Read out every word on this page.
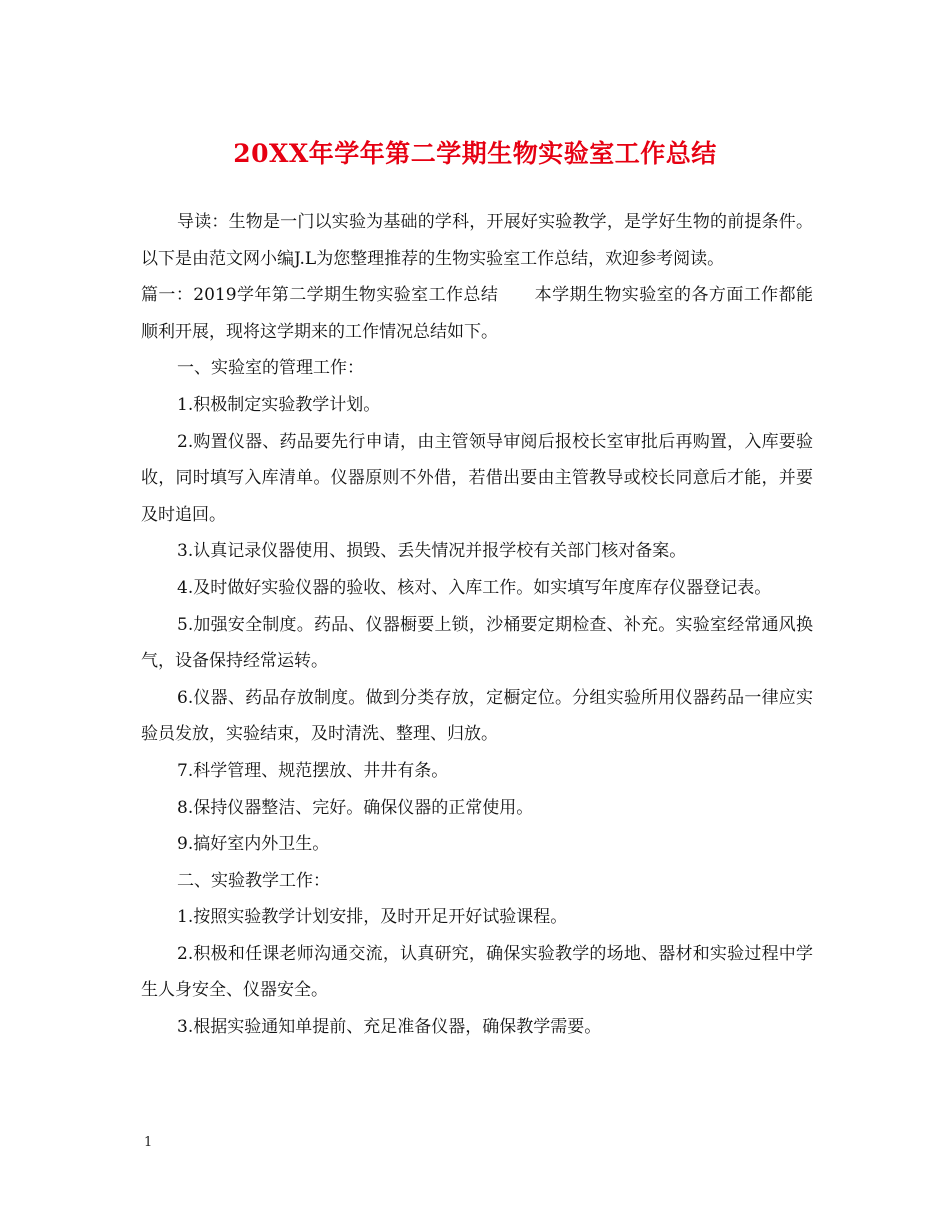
20XX年学年第二学期生物实验室工作总结

导读：生物是一门以实验为基础的学科，开展好实验教学，是学好生物的前提条件。以下是由范文网小编J.L为您整理推荐的生物实验室工作总结，欢迎参考阅读。

篇一：2019学年第二学期生物实验室工作总结 本学期生物实验室的各方面工作都能顺利开展，现将这学期来的工作情况总结如下。

一、实验室的管理工作：

1.积极制定实验教学计划。

2.购置仪器、药品要先行申请，由主管领导审阅后报校长室审批后再购置，入库要验收，同时填写入库清单。仪器原则不外借，若借出要由主管教导或校长同意后才能，并要及时追回。

3.认真记录仪器使用、损毁、丢失情况并报学校有关部门核对备案。

4.及时做好实验仪器的验收、核对、入库工作。如实填写年度库存仪器登记表。

5.加强安全制度。药品、仪器橱要上锁，沙桶要定期检查、补充。实验室经常通风换气，设备保持经常运转。

6.仪器、药品存放制度。做到分类存放，定橱定位。分组实验所用仪器药品一律应实验员发放，实验结束，及时清洗、整理、归放。

7.科学管理、规范摆放、井井有条。

8.保持仪器整洁、完好。确保仪器的正常使用。

9.搞好室内外卫生。

二、实验教学工作：

1.按照实验教学计划安排，及时开足开好试验课程。

2.积极和任课老师沟通交流，认真研究，确保实验教学的场地、器材和实验过程中学生人身安全、仪器安全。

3.根据实验通知单提前、充足准备仪器，确保教学需要。

1
